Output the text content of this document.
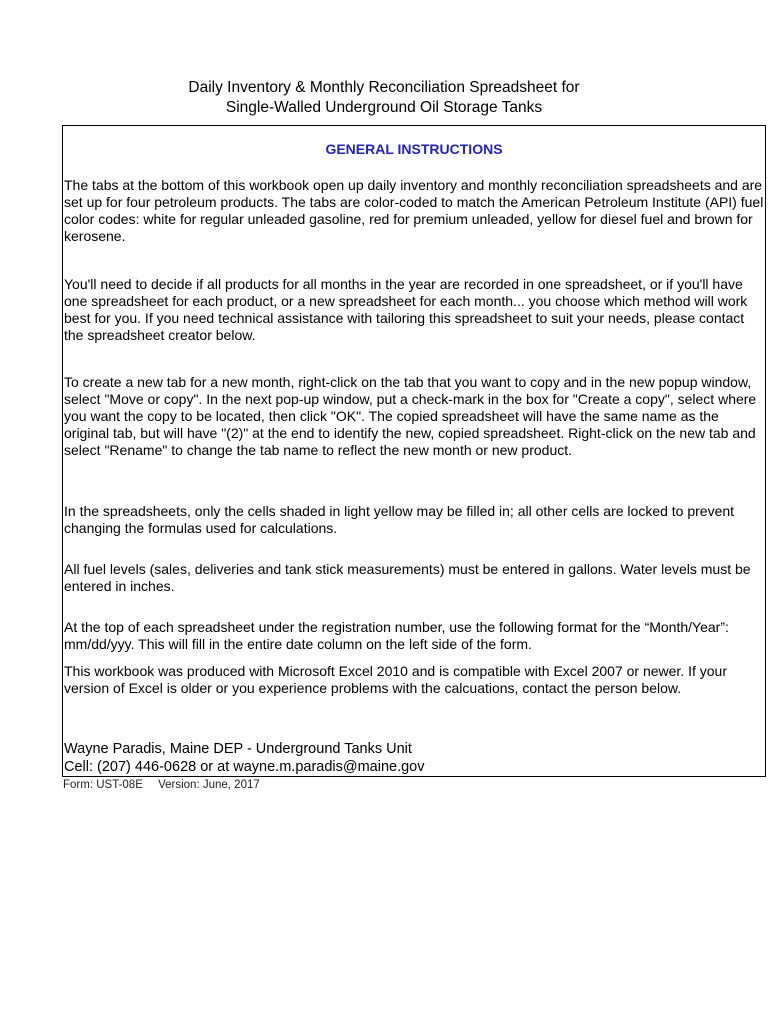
Daily Inventory & Monthly Reconciliation Spreadsheet for
Single-Walled Underground Oil Storage Tanks
GENERAL INSTRUCTIONS

The tabs at the bottom of this workbook open up daily inventory and monthly reconciliation spreadsheets and are set up for four petroleum products. The tabs are color-coded to match the American Petroleum Institute (API) fuel color codes: white for regular unleaded gasoline, red for premium unleaded, yellow for diesel fuel and brown for kerosene.

You'll need to decide if all products for all months in the year are recorded in one spreadsheet, or if you'll have one spreadsheet for each product, or a new spreadsheet for each month... you choose which method will work best for you. If you need technical assistance with tailoring this spreadsheet to suit your needs, please contact the spreadsheet creator below.

To create a new tab for a new month, right-click on the tab that you want to copy and in the new popup window, select "Move or copy". In the next pop-up window, put a check-mark in the box for "Create a copy", select where you want the copy to be located, then click "OK". The copied spreadsheet will have the same name as the original tab, but will have "(2)" at the end to identify the new, copied spreadsheet. Right-click on the new tab and select "Rename" to change the tab name to reflect the new month or new product.

In the spreadsheets, only the cells shaded in light yellow may be filled in; all other cells are locked to prevent changing the formulas used for calculations.

All fuel levels (sales, deliveries and tank stick measurements) must be entered in gallons. Water levels must be entered in inches.

At the top of each spreadsheet under the registration number, use the following format for the “Month/Year”: mm/dd/yyy. This will fill in the entire date column on the left side of the form.

This workbook was produced with Microsoft Excel 2010 and is compatible with Excel 2007 or newer. If your version of Excel is older or you experience problems with the calcuations, contact the person below.

Wayne Paradis, Maine DEP - Underground Tanks Unit
Cell: (207) 446-0628 or at wayne.m.paradis@maine.gov
Form: UST-08E Version: June, 2017
